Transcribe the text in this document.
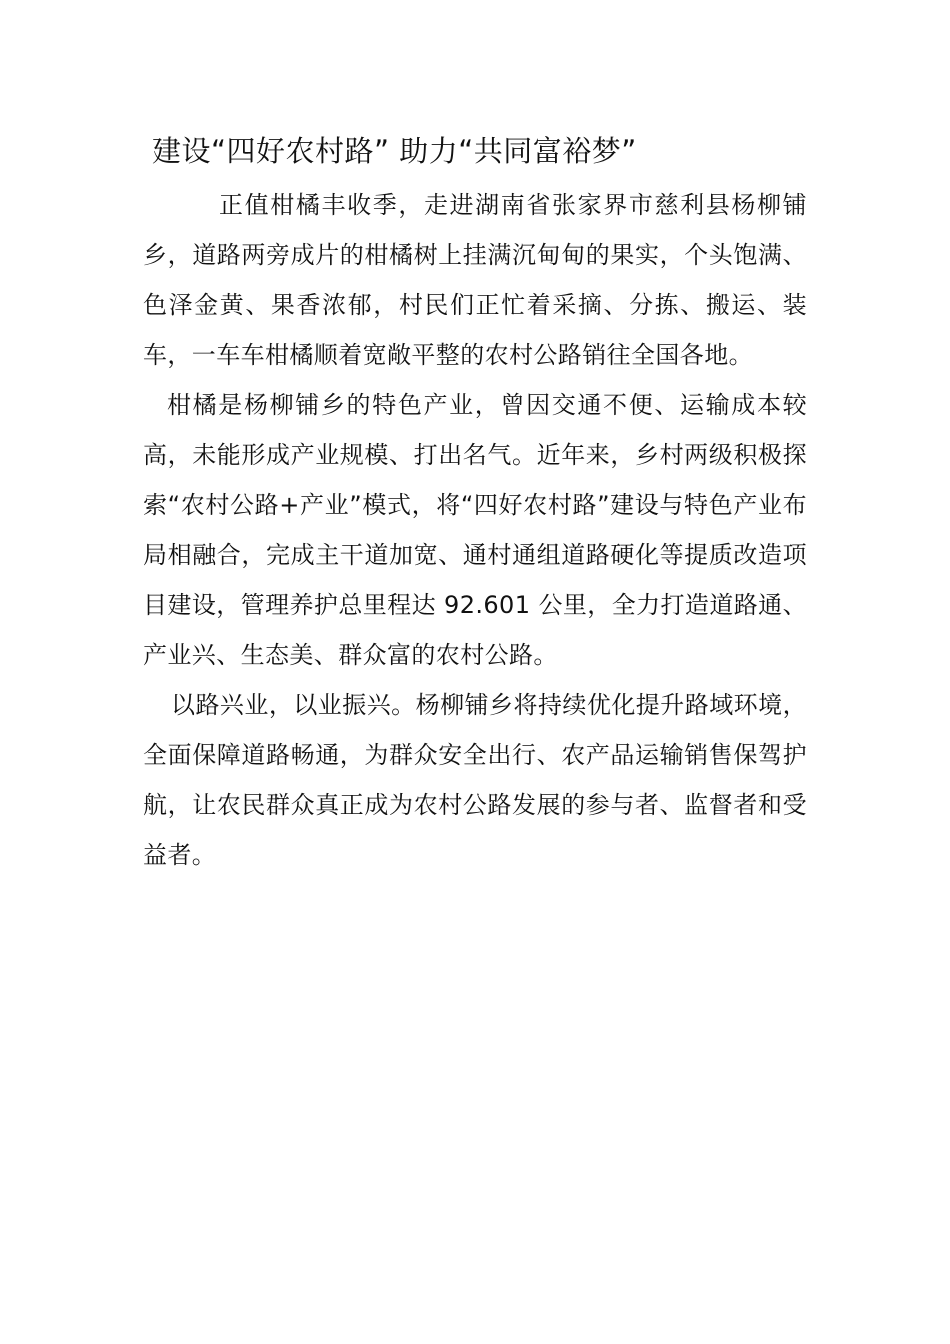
建设“四好农村路” 助力“共同富裕梦”

正值柑橘丰收季，走进湖南省张家界市慈利县杨柳铺乡，道路两旁成片的柑橘树上挂满沉甸甸的果实，个头饱满、色泽金黄、果香浓郁，村民们正忙着采摘、分拣、搬运、装车，一车车柑橘顺着宽敞平整的农村公路销往全国各地。

柑橘是杨柳铺乡的特色产业，曾因交通不便、运输成本较高，未能形成产业规模、打出名气。近年来，乡村两级积极探索“农村公路+产业”模式，将“四好农村路”建设与特色产业布局相融合，完成主干道加宽、通村通组道路硬化等提质改造项目建设，管理养护总里程达 92.601 公里，全力打造道路通、产业兴、生态美、群众富的农村公路。

以路兴业，以业振兴。杨柳铺乡将持续优化提升路域环境，全面保障道路畅通，为群众安全出行、农产品运输销售保驾护航，让农民群众真正成为农村公路发展的参与者、监督者和受益者。
